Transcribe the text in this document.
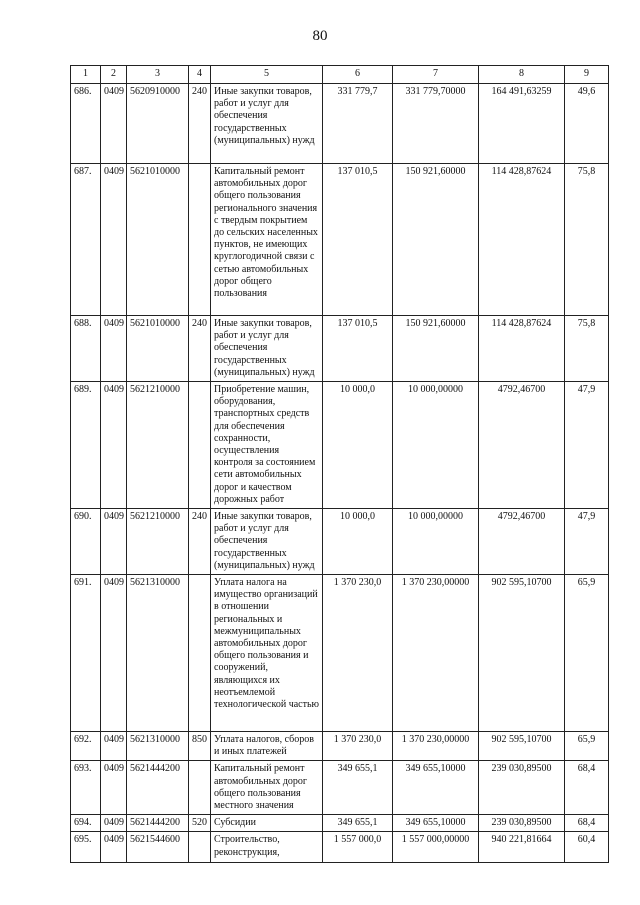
80
1	2	3	4	5	6	7	8	9
686.	0409	5620910000	240	Иные закупки товаров, работ и услуг для обеспечения государственных (муниципальных) нужд	331 779,7	331 779,70000	164 491,63259	49,6
687.	0409	5621010000		Капитальный ремонт автомобильных дорог общего пользования регионального значения с твердым покрытием до сельских населенных пунктов, не имеющих круглогодичной связи с сетью автомобильных дорог общего пользования	137 010,5	150 921,60000	114 428,87624	75,8
688.	0409	5621010000	240	Иные закупки товаров, работ и услуг для обеспечения государственных (муниципальных) нужд	137 010,5	150 921,60000	114 428,87624	75,8
689.	0409	5621210000		Приобретение машин, оборудования, транспортных средств для обеспечения сохранности, осуществления контроля за состоянием сети автомобильных дорог и качеством дорожных работ	10 000,0	10 000,00000	4792,46700	47,9
690.	0409	5621210000	240	Иные закупки товаров, работ и услуг для обеспечения государственных (муниципальных) нужд	10 000,0	10 000,00000	4792,46700	47,9
691.	0409	5621310000		Уплата налога на имущество организаций в отношении региональных и межмуниципальных автомобильных дорог общего пользования и сооружений, являющихся их неотъемлемой технологической частью	1 370 230,0	1 370 230,00000	902 595,10700	65,9
692.	0409	5621310000	850	Уплата налогов, сборов и иных платежей	1 370 230,0	1 370 230,00000	902 595,10700	65,9
693.	0409	5621444200		Капитальный ремонт автомобильных дорог общего пользования местного значения	349 655,1	349 655,10000	239 030,89500	68,4
694.	0409	5621444200	520	Субсидии	349 655,1	349 655,10000	239 030,89500	68,4
695.	0409	5621544600		Строительство, реконструкция,	1 557 000,0	1 557 000,00000	940 221,81664	60,4
